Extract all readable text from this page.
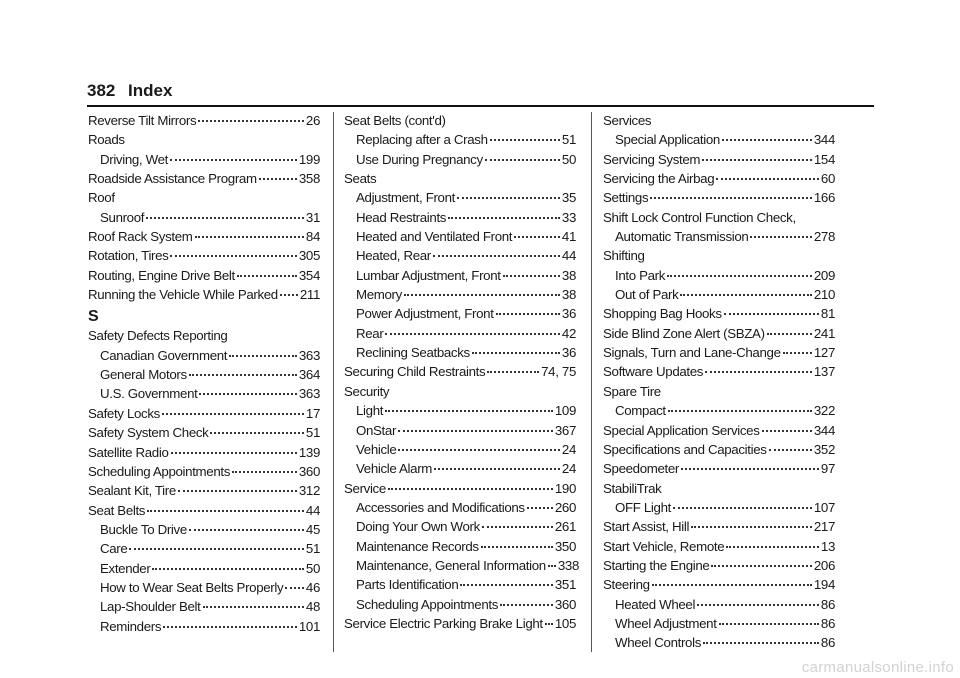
382 Index
Reverse Tilt Mirrors	26
Roads
Driving, Wet	199
Roadside Assistance Program	358
Roof
Sunroof	31
Roof Rack System	84
Rotation, Tires	305
Routing, Engine Drive Belt	354
Running the Vehicle While Parked 211
S
Safety Defects Reporting
Canadian Government	363
General Motors	364
U.S. Government	363
Safety Locks	17
Safety System Check	51
Satellite Radio	139
Scheduling Appointments	360
Sealant Kit, Tire	312
Seat Belts	44
Buckle To Drive	45
Care	51
Extender	50
How to Wear Seat Belts Properly 46
Lap-Shoulder Belt	48
Reminders	101
Seat Belts (cont'd)
Replacing after a Crash	51
Use During Pregnancy	50
Seats
Adjustment, Front	35
Head Restraints	33
Heated and Ventilated Front	41
Heated, Rear	44
Lumbar Adjustment, Front	38
Memory	38
Power Adjustment, Front	36
Rear	42
Reclining Seatbacks	36
Securing Child Restraints	74, 75
Security
Light	109
OnStar	367
Vehicle	24
Vehicle Alarm	24
Service	190
Accessories and Modifications 260
Doing Your Own Work	261
Maintenance Records	350
Maintenance, General Information 338
Parts Identification	351
Scheduling Appointments	360
Service Electric Parking Brake Light 105
Services
Special Application	344
Servicing System	154
Servicing the Airbag	60
Settings	166
Shift Lock Control Function Check,
Automatic Transmission	278
Shifting
Into Park	209
Out of Park	210
Shopping Bag Hooks	81
Side Blind Zone Alert (SBZA)	241
Signals, Turn and Lane-Change 127
Software Updates	137
Spare Tire
Compact	322
Special Application Services	344
Specifications and Capacities	352
Speedometer	97
StabiliTrak
OFF Light	107
Start Assist, Hill	217
Start Vehicle, Remote	13
Starting the Engine	206
Steering	194
Heated Wheel	86
Wheel Adjustment	86
Wheel Controls	86
carmanualsonline.info
